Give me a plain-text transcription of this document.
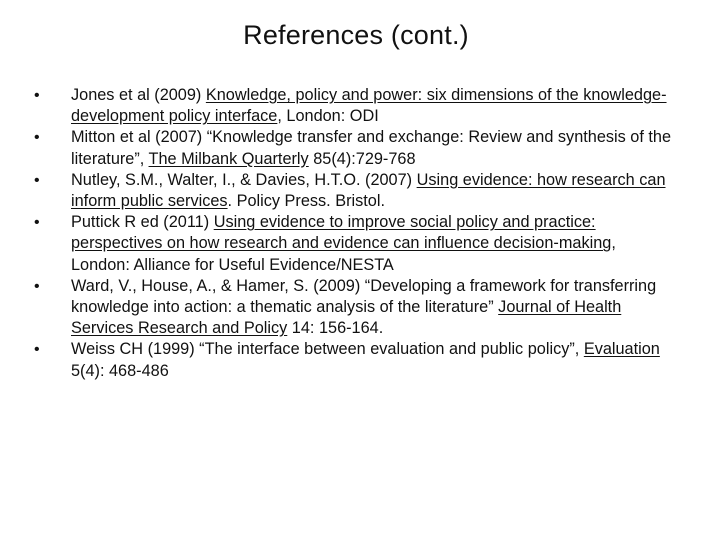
References (cont.)
•	Jones et al (2009) Knowledge, policy and power: six dimensions of the knowledge-development policy interface, London: ODI
•	Mitton et al (2007) “Knowledge transfer and exchange: Review and synthesis of the literature”, The Milbank Quarterly 85(4):729-768
•	Nutley, S.M., Walter, I., & Davies, H.T.O. (2007) Using evidence: how research can inform public services. Policy Press. Bristol.
•	Puttick R ed (2011) Using evidence to improve social policy and practice: perspectives on how research and evidence can influence decision-making, London: Alliance for Useful Evidence/NESTA
•	Ward, V., House, A., & Hamer, S. (2009) “Developing a framework for transferring knowledge into action: a thematic analysis of the literature” Journal of Health Services Research and Policy 14: 156-164.
•	Weiss CH (1999) “The interface between evaluation and public policy”, Evaluation 5(4): 468-486
